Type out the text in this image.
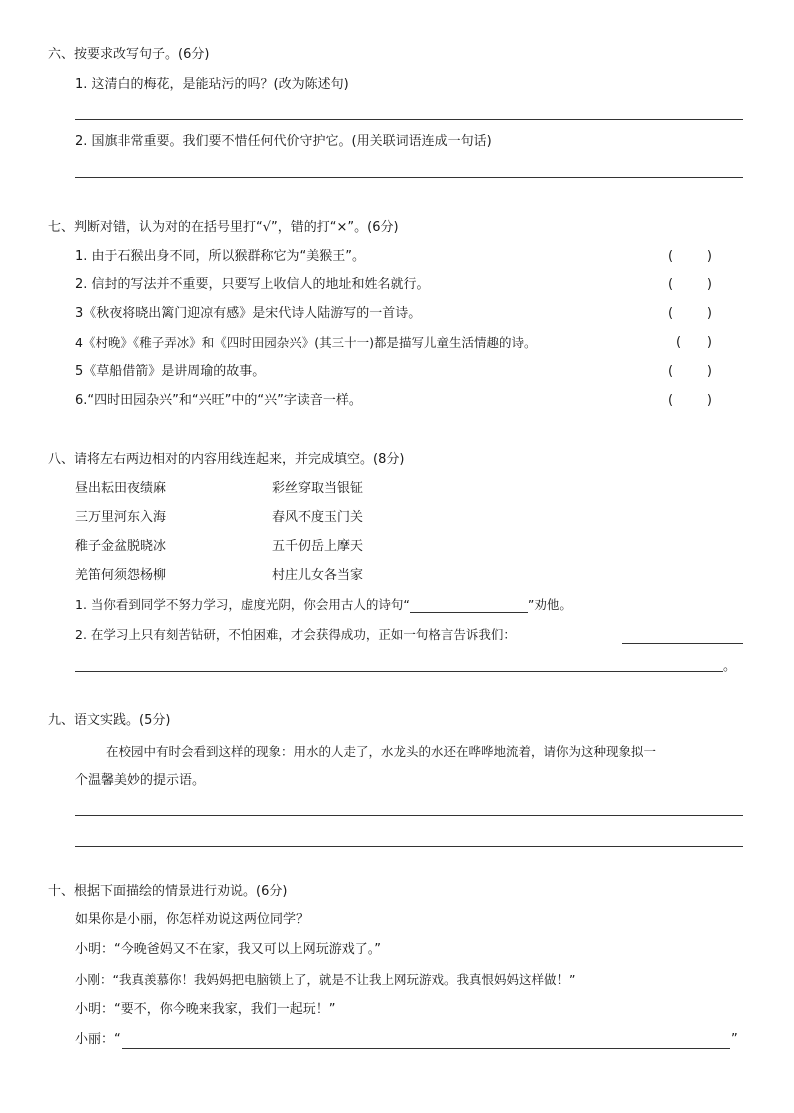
六、按要求改写句子。(6分)
1. 这清白的梅花，是能玷污的吗？(改为陈述句)
2. 国旗非常重要。我们要不惜任何代价守护它。(用关联词语连成一句话)
七、判断对错，认为对的在括号里打“√”，错的打“×”。(6分)
1. 由于石猴出身不同，所以猴群称它为“美猴王”。	(	)
2. 信封的写法并不重要，只要写上收信人的地址和姓名就行。	(	)
3《秋夜将晓出篱门迎凉有感》是宋代诗人陆游写的一首诗。	(	)
4《村晚》《稚子弄冰》和《四时田园杂兴》(其三十一)都是描写儿童生活情趣的诗。	( )
5《草船借箭》是讲周瑜的故事。	(	)
6.“四时田园杂兴”和“兴旺”中的“兴”字读音一样。	(	)
八、请将左右两边相对的内容用线连起来，并完成填空。(8分)
昼出耘田夜绩麻	彩丝穿取当银钲
三万里河东入海	春风不度玉门关
稚子金盆脱晓冰	五千仞岳上摩天
羌笛何须怨杨柳	村庄儿女各当家
1. 当你看到同学不努力学习，虚度光阴，你会用古人的诗句“	”劝他。
2. 在学习上只有刻苦钻研，不怕困难，才会获得成功，正如一句格言告诉我们：
。
九、语文实践。(5分)
在校园中有时会看到这样的现象：用水的人走了，水龙头的水还在哗哗地流着，请你为这种现象拟一
个温馨美妙的提示语。
十、根据下面描绘的情景进行劝说。(6分)
如果你是小丽，你怎样劝说这两位同学？
小明：“今晚爸妈又不在家，我又可以上网玩游戏了。”
小刚：“我真羡慕你！我妈妈把电脑锁上了，就是不让我上网玩游戏。我真恨妈妈这样做！”
小明：“要不，你今晚来我家，我们一起玩！”
小丽：“	”
